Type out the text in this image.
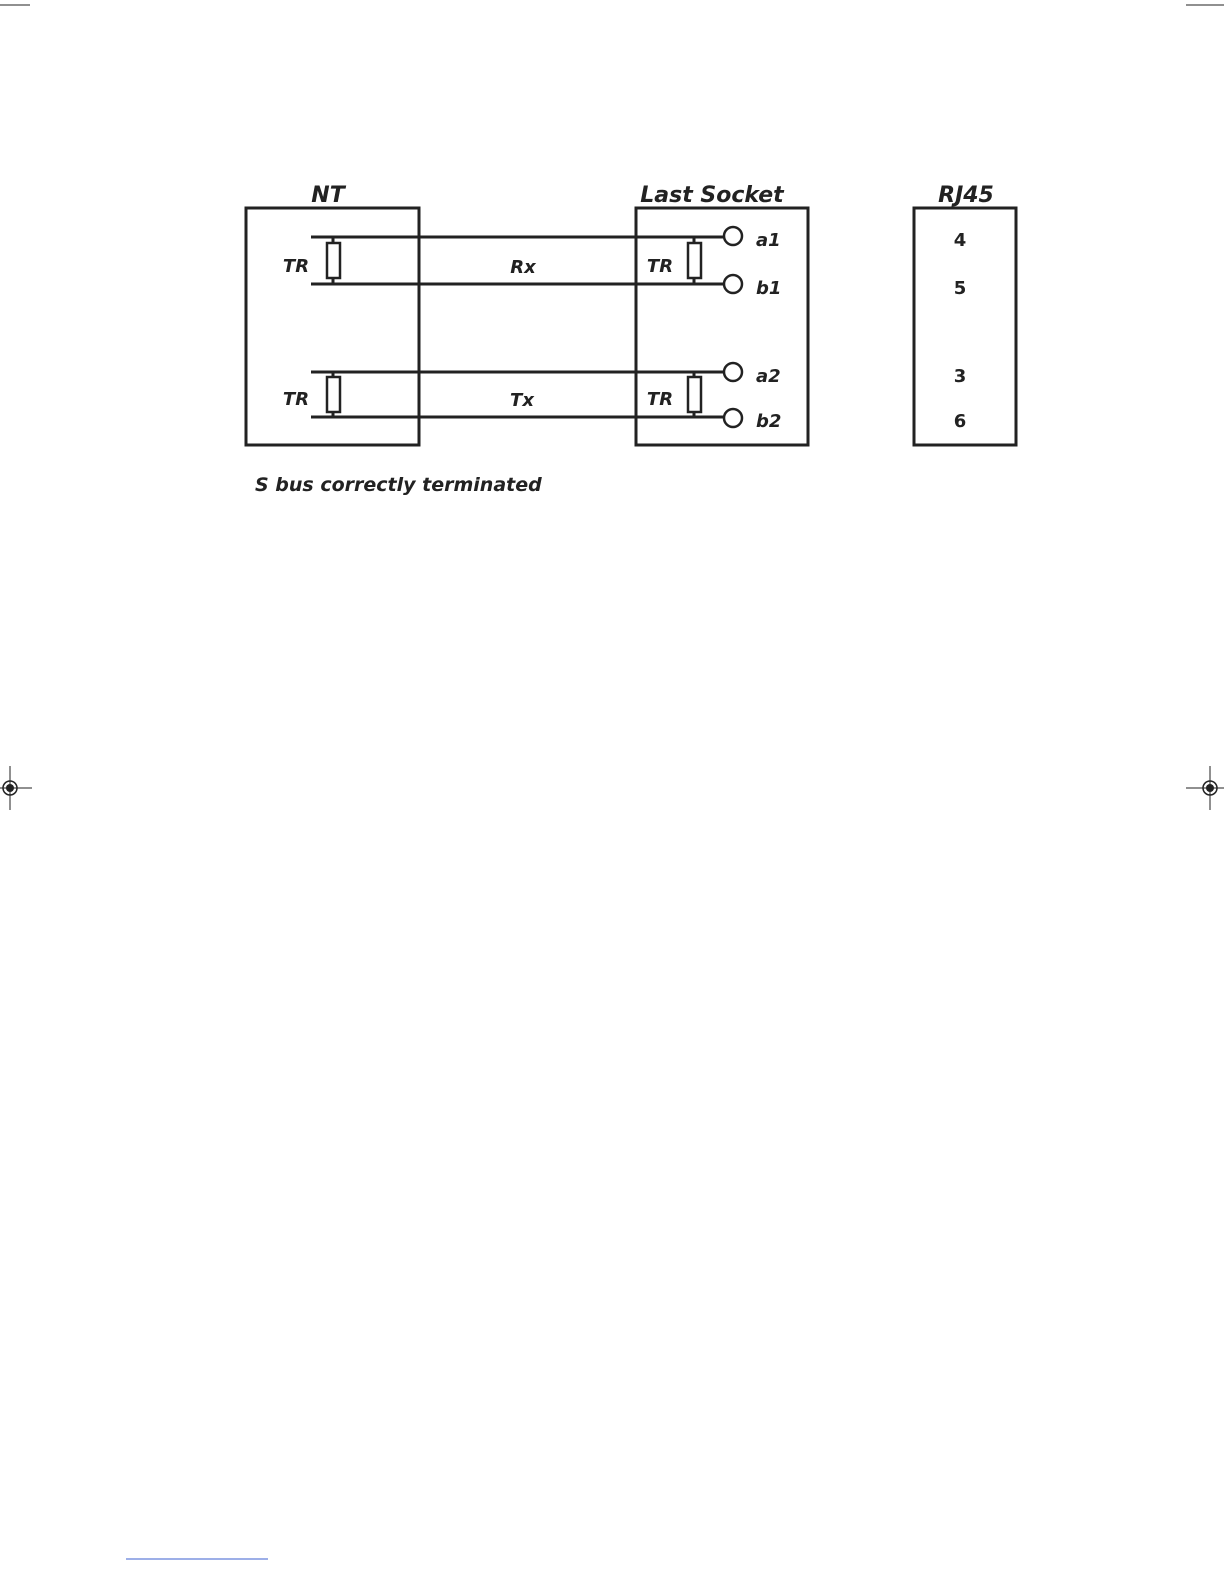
NT	Last Socket	RJ45
TR
TR
TR
TR
Rx
Tx
a1
b1
a2
b2
4
5
3
6
S bus correctly terminated
